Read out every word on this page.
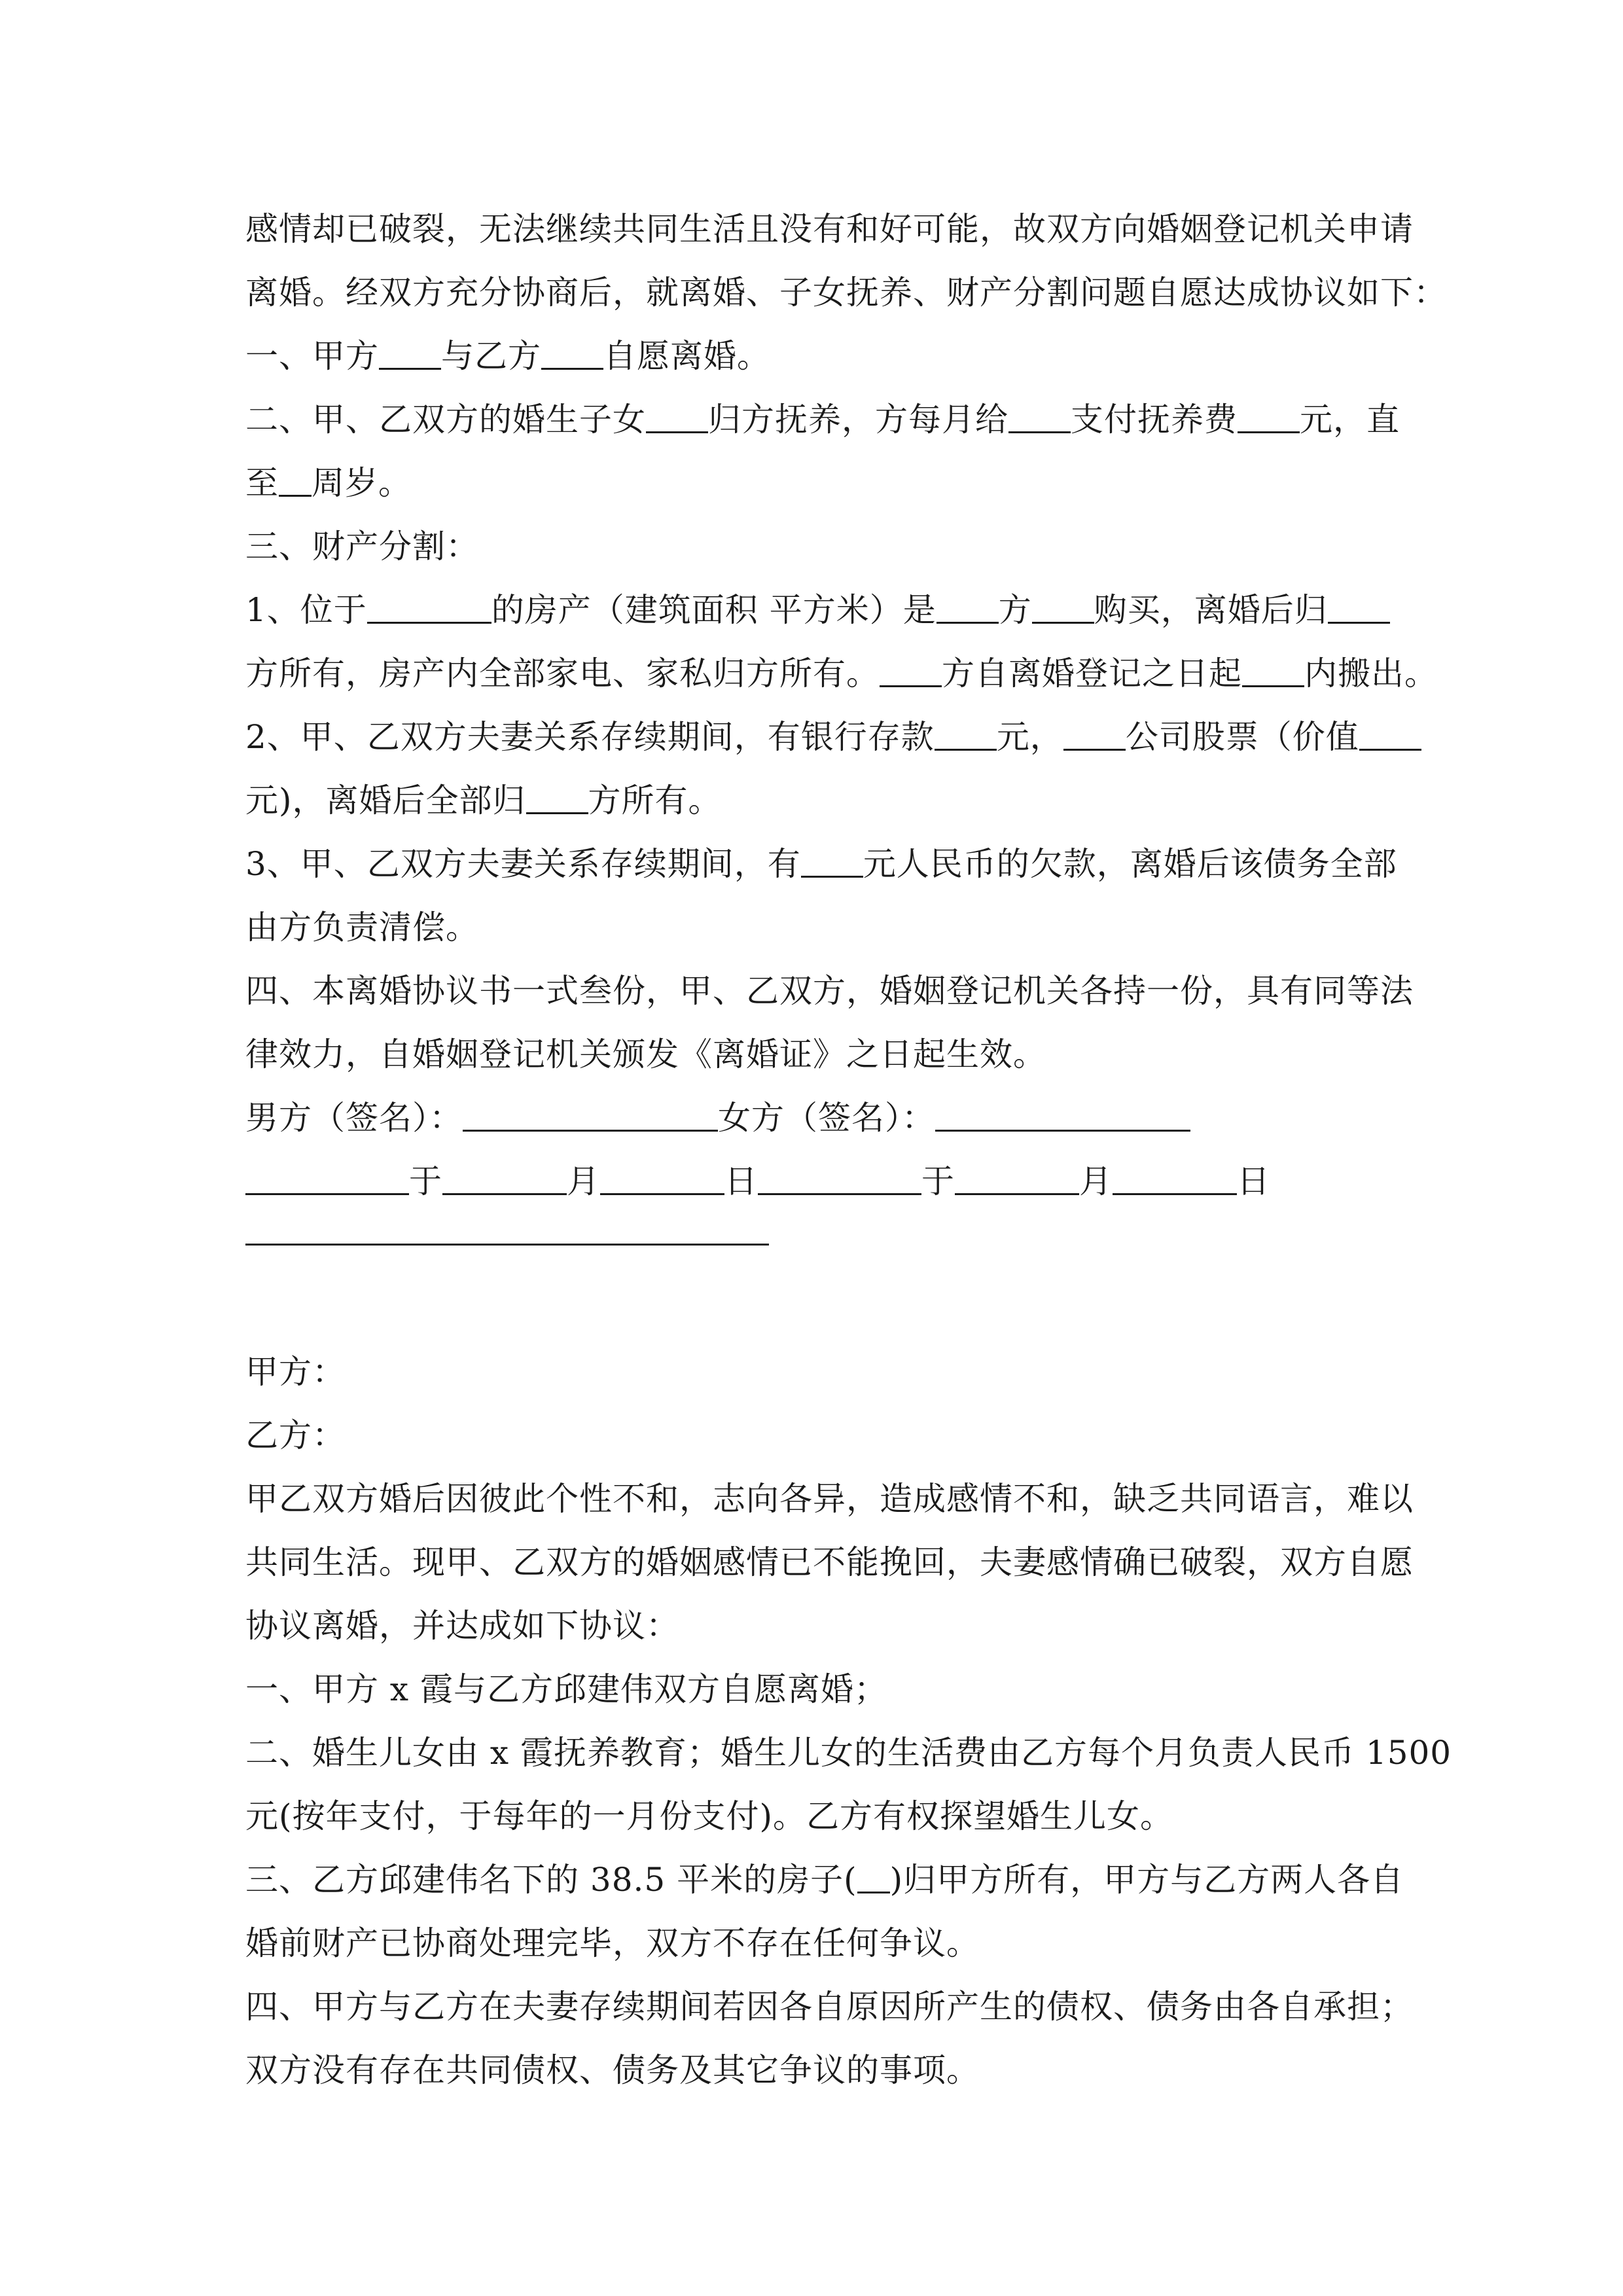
感情却已破裂，无法继续共同生活且没有和好可能，故双方向婚姻登记机关申请
离婚。经双方充分协商后，就离婚、子女抚养、财产分割问题自愿达成协议如下：
一、甲方 与乙方 自愿离婚。
二、甲、乙双方的婚生子女 归方抚养，方每月给 支付抚养费 元，直
至 周岁。
三、财产分割：
1、位于	的房产（建筑面积 平方米）是 方 购买，离婚后归
方所有，房产内全部家电、家私归方所有。 方自离婚登记之日起 内搬出。
2、甲、乙双方夫妻关系存续期间，有银行存款 元， 公司股票（价值
元)，离婚后全部归 方所有。
3、甲、乙双方夫妻关系存续期间，有 元人民币的欠款，离婚后该债务全部
由方负责清偿。
四、本离婚协议书一式叁份，甲、乙双方，婚姻登记机关各持一份，具有同等法
律效力，自婚姻登记机关颁发《离婚证》之日起生效。
男方（签名）：	女方（签名）：
于	月	日	于	月	日
甲方：
乙方：
甲乙双方婚后因彼此个性不和，志向各异，造成感情不和，缺乏共同语言，难以
共同生活。现甲、乙双方的婚姻感情已不能挽回，夫妻感情确已破裂，双方自愿
协议离婚，并达成如下协议：
一、甲方 x 霞与乙方邱建伟双方自愿离婚；
二、婚生儿女由 x 霞抚养教育；婚生儿女的生活费由乙方每个月负责人民币 1500
元(按年支付，于每年的一月份支付)。乙方有权探望婚生儿女。
三、乙方邱建伟名下的 38.5 平米的房子( )归甲方所有，甲方与乙方两人各自
婚前财产已协商处理完毕，双方不存在任何争议。
四、甲方与乙方在夫妻存续期间若因各自原因所产生的债权、债务由各自承担；
双方没有存在共同债权、债务及其它争议的事项。
